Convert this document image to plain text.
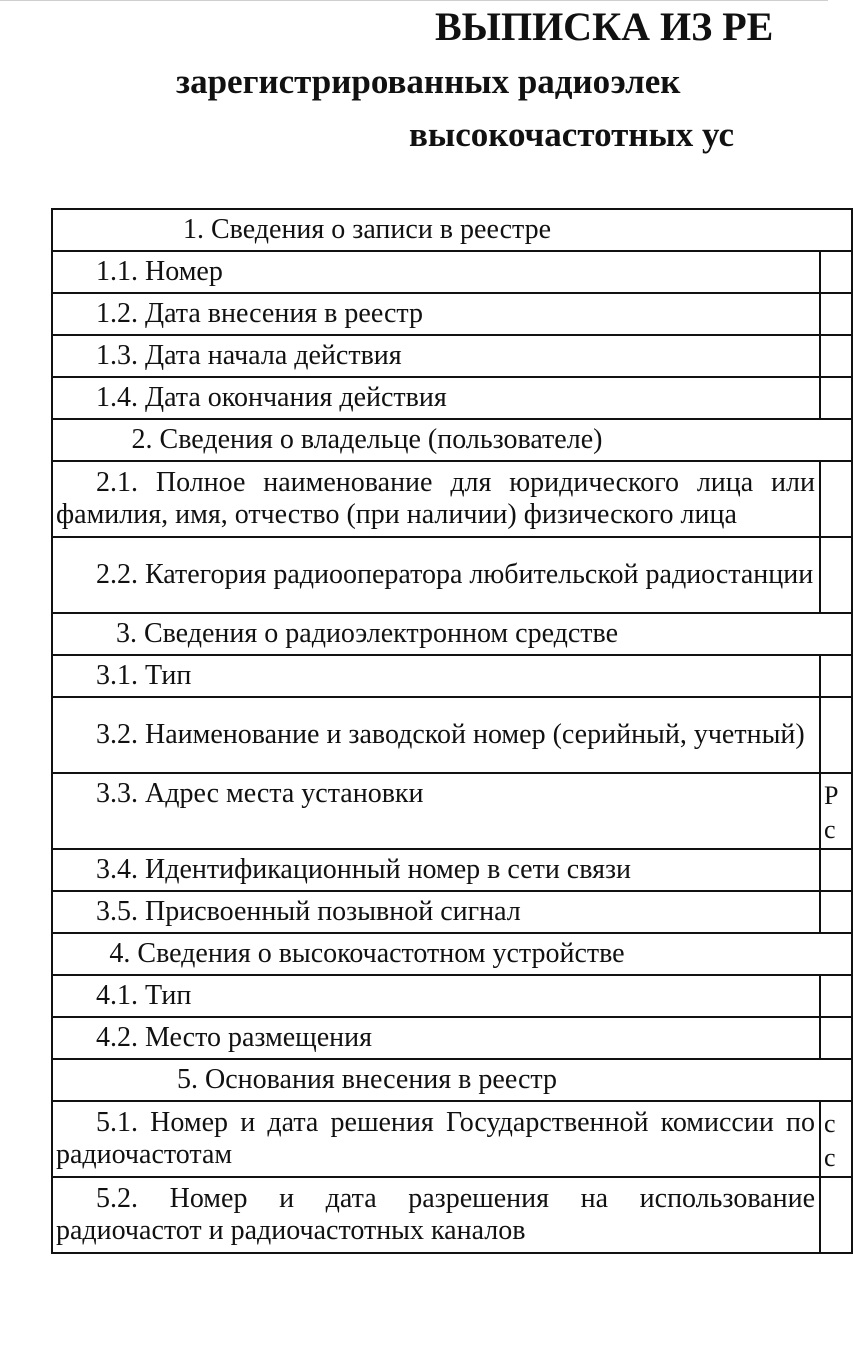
ВЫПИСКА ИЗ РЕ
зарегистрированных радиоэлек
высокочастотных ус
1. Сведения о записи в реестре	
1.1. Номер	
1.2. Дата внесения в реестр	
1.3. Дата начала действия	
1.4. Дата окончания действия	
2. Сведения о владельце (пользователе)	
2.1. Полное наименование для юридического лица или фамилия, имя, отчество (при наличии) физического лица	
2.2. Категория радиооператора любительской радиостанции	
3. Сведения о радиоэлектронном средстве	
3.1. Тип	
3.2. Наименование и заводской номер (серийный, учетный)	
3.3. Адрес места установки	Р с
3.4. Идентификационный номер в сети связи	
3.5. Присвоенный позывной сигнал	
4. Сведения о высокочастотном устройстве	
4.1. Тип	
4.2. Место размещения	
5. Основания внесения в реестр	
5.1. Номер и дата решения Государственной комиссии по радиочастотам	с с
5.2. Номер и дата разрешения на использование радиочастот и радиочастотных каналов	
